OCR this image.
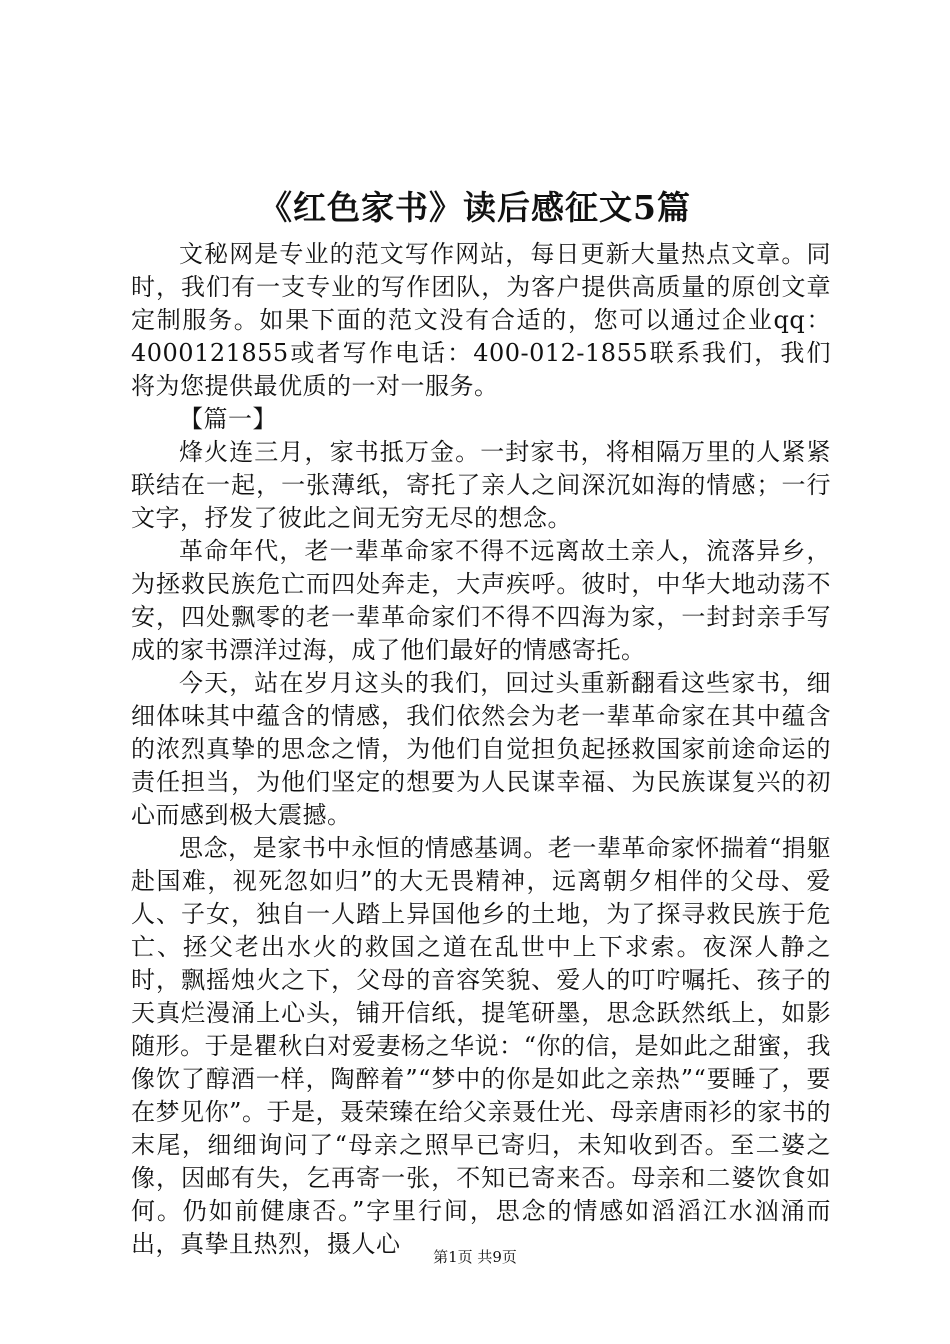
《红色家书》读后感征文5篇

文秘网是专业的范文写作网站，每日更新大量热点文章。同时，我们有一支专业的写作团队，为客户提供高质量的原创文章定制服务。如果下面的范文没有合适的，您可以通过企业qq：4000121855或者写作电话：400-012-1855联系我们，我们将为您提供最优质的一对一服务。

【篇一】

烽火连三月，家书抵万金。一封家书，将相隔万里的人紧紧联结在一起，一张薄纸，寄托了亲人之间深沉如海的情感；一行文字，抒发了彼此之间无穷无尽的想念。

革命年代，老一辈革命家不得不远离故土亲人，流落异乡，为拯救民族危亡而四处奔走，大声疾呼。彼时，中华大地动荡不安，四处飘零的老一辈革命家们不得不四海为家，一封封亲手写成的家书漂洋过海，成了他们最好的情感寄托。

今天，站在岁月这头的我们，回过头重新翻看这些家书，细细体味其中蕴含的情感，我们依然会为老一辈革命家在其中蕴含的浓烈真挚的思念之情，为他们自觉担负起拯救国家前途命运的责任担当，为他们坚定的想要为人民谋幸福、为民族谋复兴的初心而感到极大震撼。

思念，是家书中永恒的情感基调。老一辈革命家怀揣着“捐躯赴国难，视死忽如归”的大无畏精神，远离朝夕相伴的父母、爱人、子女，独自一人踏上异国他乡的土地，为了探寻救民族于危亡、拯父老出水火的救国之道在乱世中上下求索。夜深人静之时，飘摇烛火之下，父母的音容笑貌、爱人的叮咛嘱托、孩子的天真烂漫涌上心头，铺开信纸，提笔研墨，思念跃然纸上，如影随形。于是瞿秋白对爱妻杨之华说：“你的信，是如此之甜蜜，我像饮了醇酒一样，陶醉着”“梦中的你是如此之亲热”“要睡了，要在梦见你”。于是，聂荣臻在给父亲聂仕光、母亲唐雨衫的家书的末尾，细细询问了“母亲之照早已寄归，未知收到否。至二婆之像，因邮有失，乞再寄一张，不知已寄来否。母亲和二婆饮食如何。仍如前健康否。”字里行间，思念的情感如滔滔江水汹涌而出，真挚且热烈，摄人心	第1页 共9页
